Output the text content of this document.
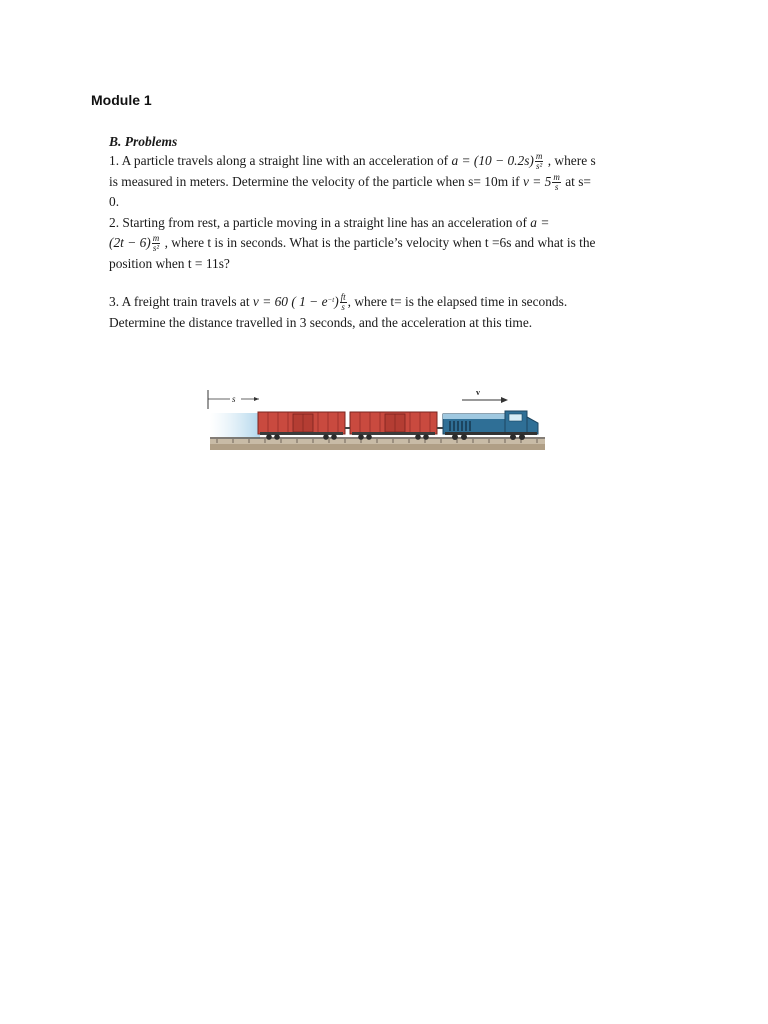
Module 1
B. Problems
1. A particle travels along a straight line with an acceleration of $a = (10 - 0.2s) \frac{m}{\text{s²}}$ , where s
is measured in meters. Determine the velocity of the particle when s= 10m if $v = 5 \frac{m}{s}$ at s=
0.
2. Starting from rest, a particle moving in a straight line has an acceleration of a =
$(2t - 6) \frac{m}{\text{s²}}$ , where t is in seconds. What is the particle’s velocity when t =6s and what is the
position when t = 11s?
3. A freight train travels at v = 60 ( $1 - e^{-t}) \frac{ft}{s}$ , where t= is the elapsed time in seconds.
Determine the distance travelled in 3 seconds, and the acceleration at this time.
s
v
